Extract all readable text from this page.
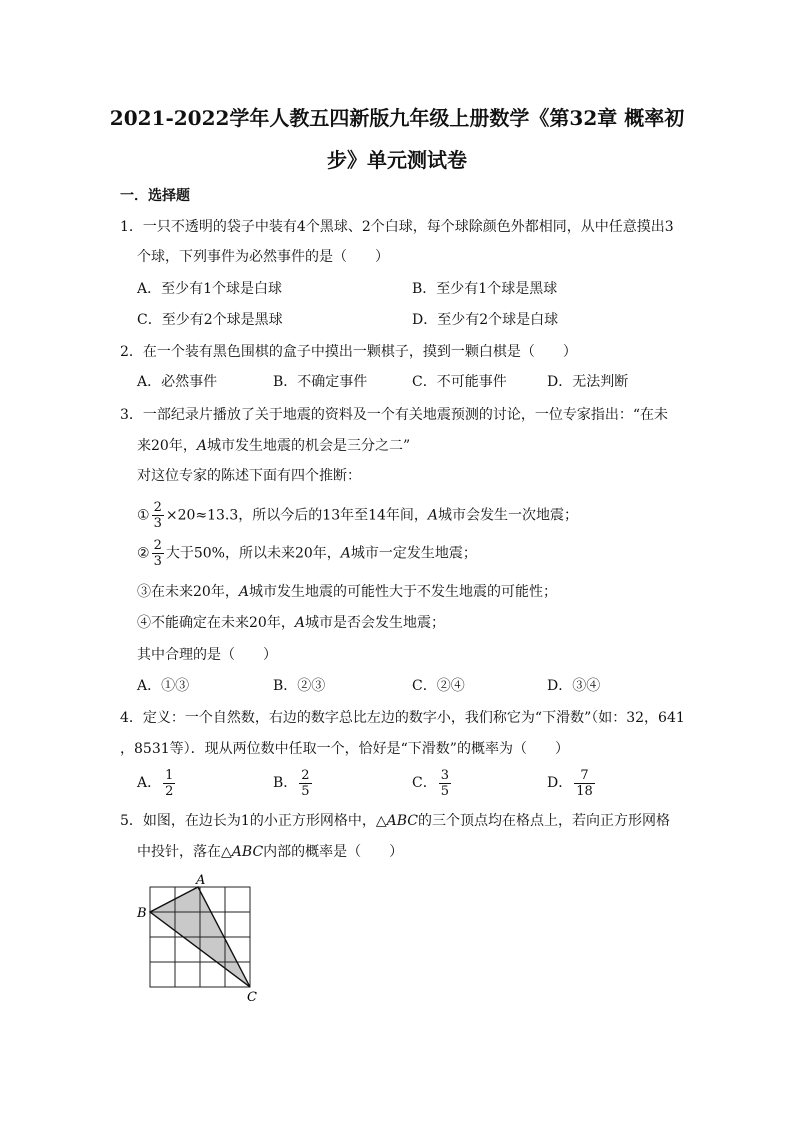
2021-2022学年人教五四新版九年级上册数学《第32章 概率初
步》单元测试卷
一．选择题
1．一只不透明的袋子中装有4个黑球、2个白球，每个球除颜色外都相同，从中任意摸出3
个球，下列事件为必然事件的是（　　）
A．至少有1个球是白球	B．至少有1个球是黑球
C．至少有2个球是黑球	D．至少有2个球是白球
2．在一个装有黑色围棋的盒子中摸出一颗棋子，摸到一颗白棋是（　　）
A．必然事件	B．不确定事件	C．不可能事件	D．无法判断
3．一部纪录片播放了关于地震的资料及一个有关地震预测的讨论，一位专家指出：“在未
来20年，A城市发生地震的机会是三分之二”
对这位专家的陈述下面有四个推断：
① $\frac{2}{3} \times 20\approx 13.3$，所以今后的13年至14年间，A城市会发生一次地震；
② $\frac{2}{3}$ 大于50%，所以未来20年，A城市一定发生地震；
③在未来20年，A城市发生地震的可能性大于不发生地震的可能性；
④不能确定在未来20年，A城市是否会发生地震；
其中合理的是（　　）
A．①③	B．②③	C．②④	D．③④
4．定义：一个自然数，右边的数字总比左边的数字小，我们称它为“下滑数”（如：32，641
，8531等）．现从两位数中任取一个，恰好是“下滑数”的概率为（　　）
A． $\frac{1}{2}$	B． $\frac{2}{5}$	C． $\frac{3}{5}$	D． $\frac{7}{18}$
5．如图，在边长为1的小正方形网格中，△ABC的三个顶点均在格点上，若向正方形网格
中投针，落在△ABC内部的概率是（　　）
A
B
C
